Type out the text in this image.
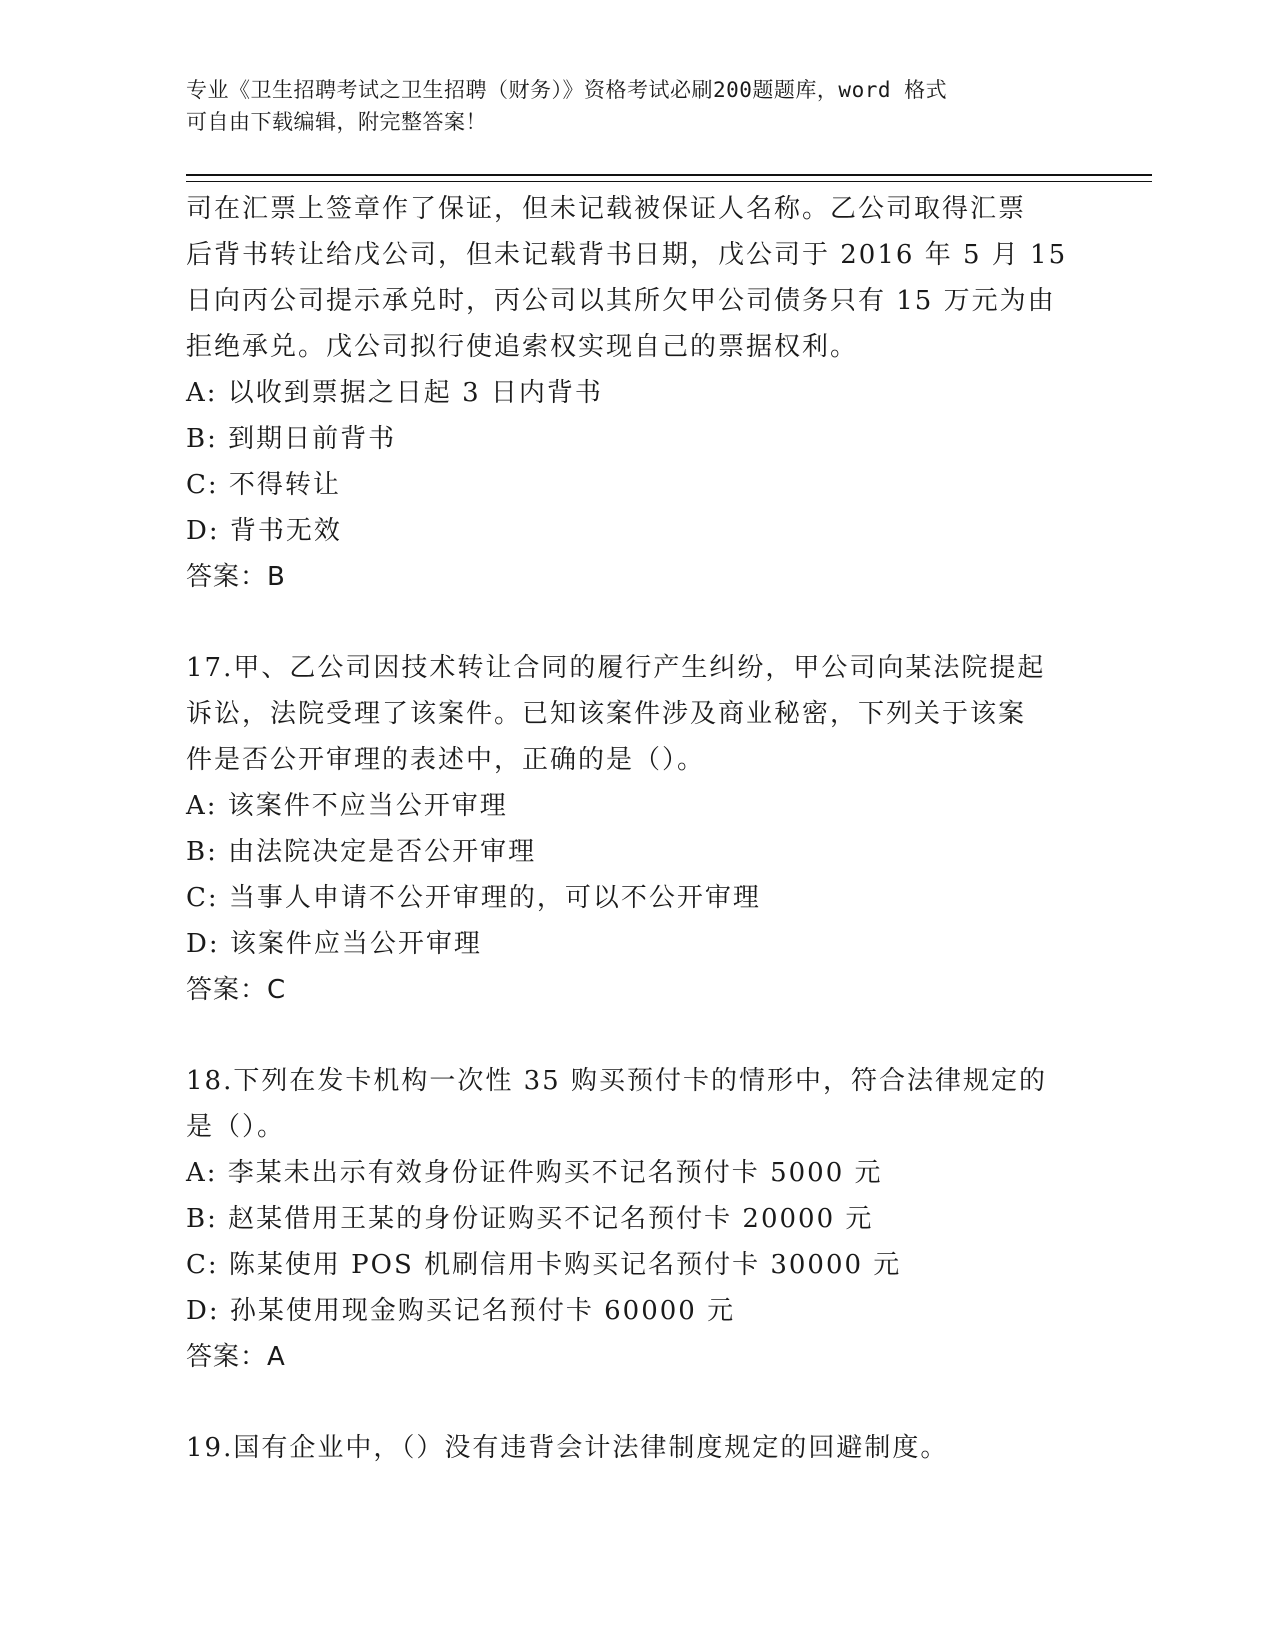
专业《卫生招聘考试之卫生招聘（财务）》资格考试必刷200题题库，word 格式
可自由下载编辑，附完整答案！
司在汇票上签章作了保证，但未记载被保证人名称。乙公司取得汇票
后背书转让给戊公司，但未记载背书日期，戊公司于 2016 年 5 月 15
日向丙公司提示承兑时，丙公司以其所欠甲公司债务只有 15 万元为由
拒绝承兑。戊公司拟行使追索权实现自己的票据权利。
A: 以收到票据之日起 3 日内背书
B: 到期日前背书
C: 不得转让
D: 背书无效
答案：B
17.甲、乙公司因技术转让合同的履行产生纠纷，甲公司向某法院提起
诉讼，法院受理了该案件。已知该案件涉及商业秘密，下列关于该案
件是否公开审理的表述中，正确的是（）。
A: 该案件不应当公开审理
B: 由法院决定是否公开审理
C: 当事人申请不公开审理的，可以不公开审理
D: 该案件应当公开审理
答案：C
18.下列在发卡机构一次性 35 购买预付卡的情形中，符合法律规定的
是（）。
A: 李某未出示有效身份证件购买不记名预付卡 5000 元
B: 赵某借用王某的身份证购买不记名预付卡 20000 元
C: 陈某使用 POS 机刷信用卡购买记名预付卡 30000 元
D: 孙某使用现金购买记名预付卡 60000 元
答案：A
19.国有企业中，（）没有违背会计法律制度规定的回避制度。
